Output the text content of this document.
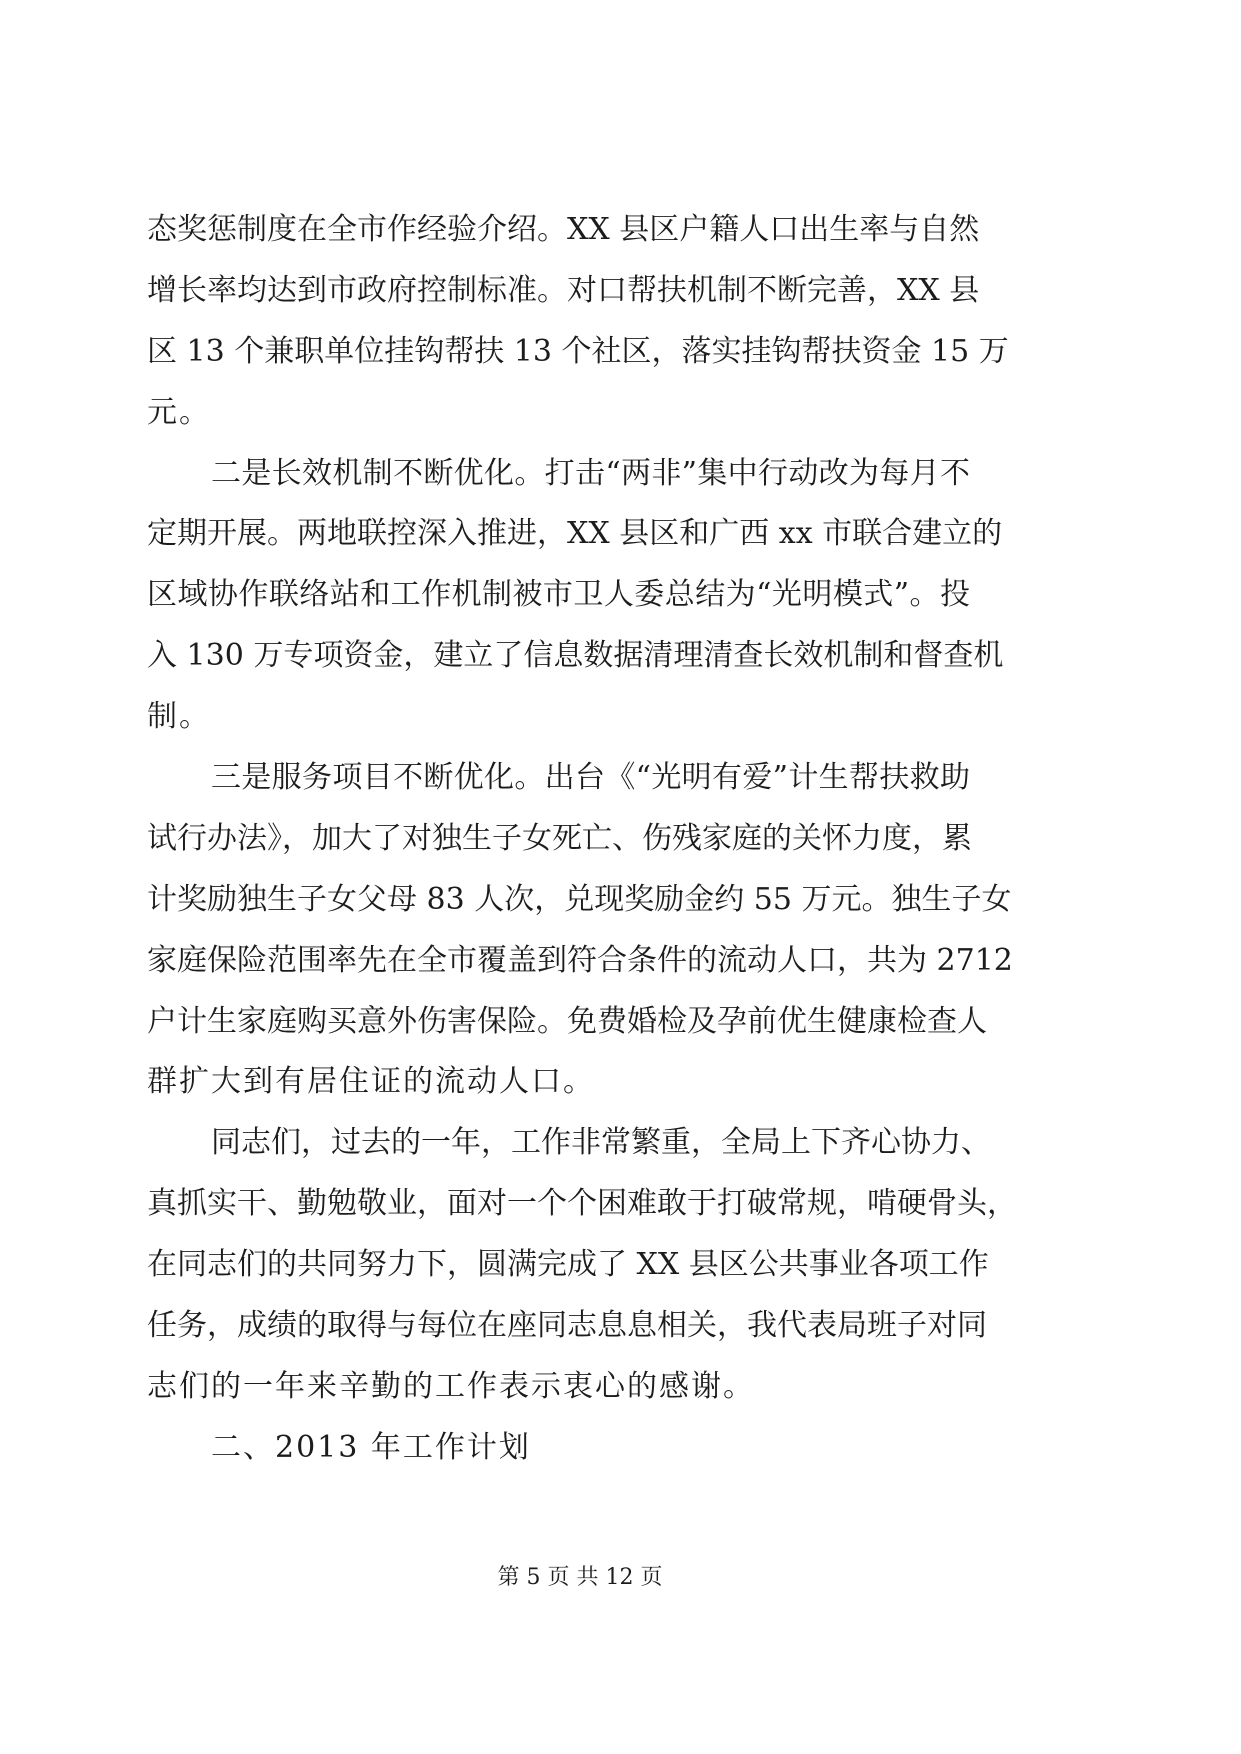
态奖惩制度在全市作经验介绍。XX 县区户籍人口出生率与自然
增长率均达到市政府控制标准。对口帮扶机制不断完善，XX 县
区 13 个兼职单位挂钩帮扶 13 个社区，落实挂钩帮扶资金 15 万
元。
二是长效机制不断优化。打击“两非”集中行动改为每月不
定期开展。两地联控深入推进，XX 县区和广西 xx 市联合建立的
区域协作联络站和工作机制被市卫人委总结为“光明模式”。投
入 130 万专项资金，建立了信息数据清理清查长效机制和督查机
制。
三是服务项目不断优化。出台《“光明有爱”计生帮扶救助
试行办法》，加大了对独生子女死亡、伤残家庭的关怀力度，累
计奖励独生子女父母 83 人次，兑现奖励金约 55 万元。独生子女
家庭保险范围率先在全市覆盖到符合条件的流动人口，共为 2712
户计生家庭购买意外伤害保险。免费婚检及孕前优生健康检查人
群扩大到有居住证的流动人口。
同志们，过去的一年，工作非常繁重，全局上下齐心协力、
真抓实干、勤勉敬业，面对一个个困难敢于打破常规，啃硬骨头，
在同志们的共同努力下，圆满完成了 XX 县区公共事业各项工作
任务，成绩的取得与每位在座同志息息相关，我代表局班子对同
志们的一年来辛勤的工作表示衷心的感谢。
二、2013 年工作计划
第 5 页 共 12 页
